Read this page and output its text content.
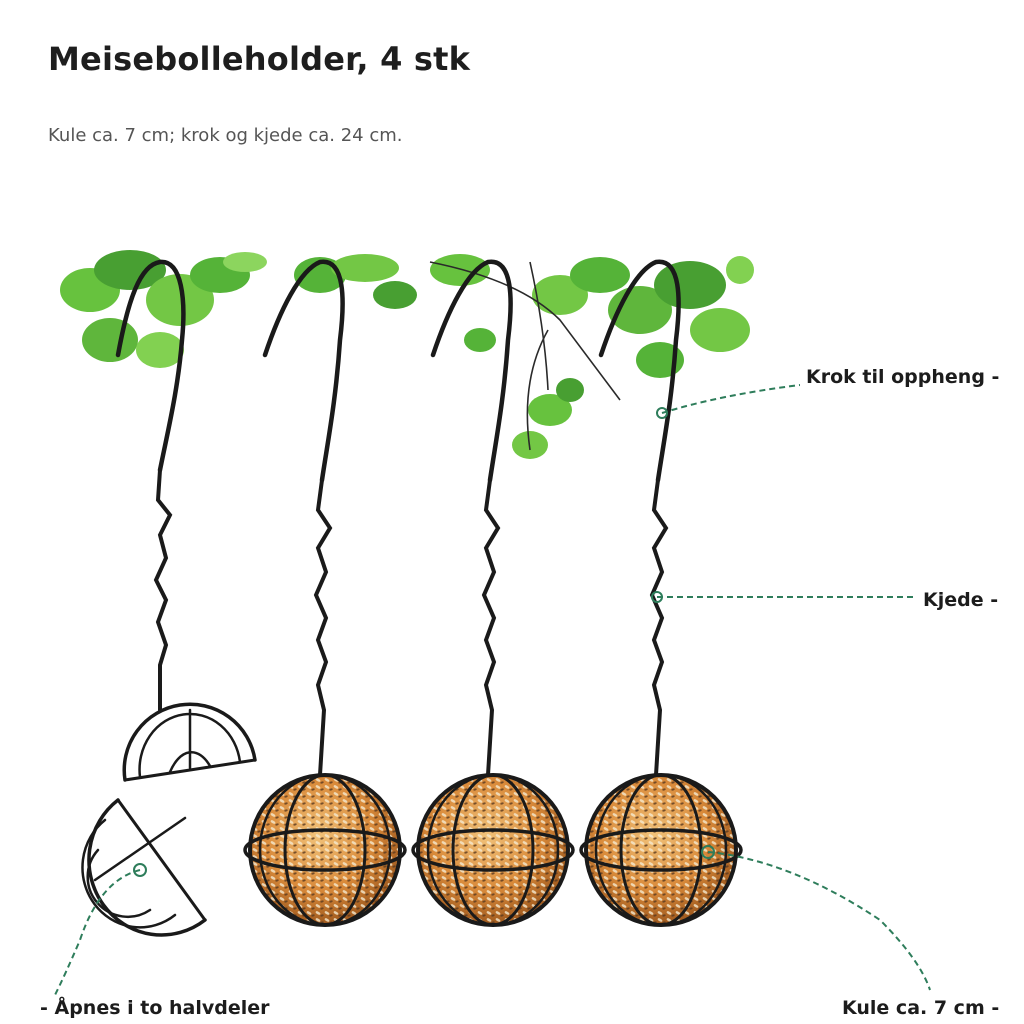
Meisebolleholder, 4 stk

Kule ca. 7 cm; krok og kjede ca. 24 cm.

Krok til oppheng -
Kjede -
Kule ca. 7 cm -
- Åpnes i to halvdeler
